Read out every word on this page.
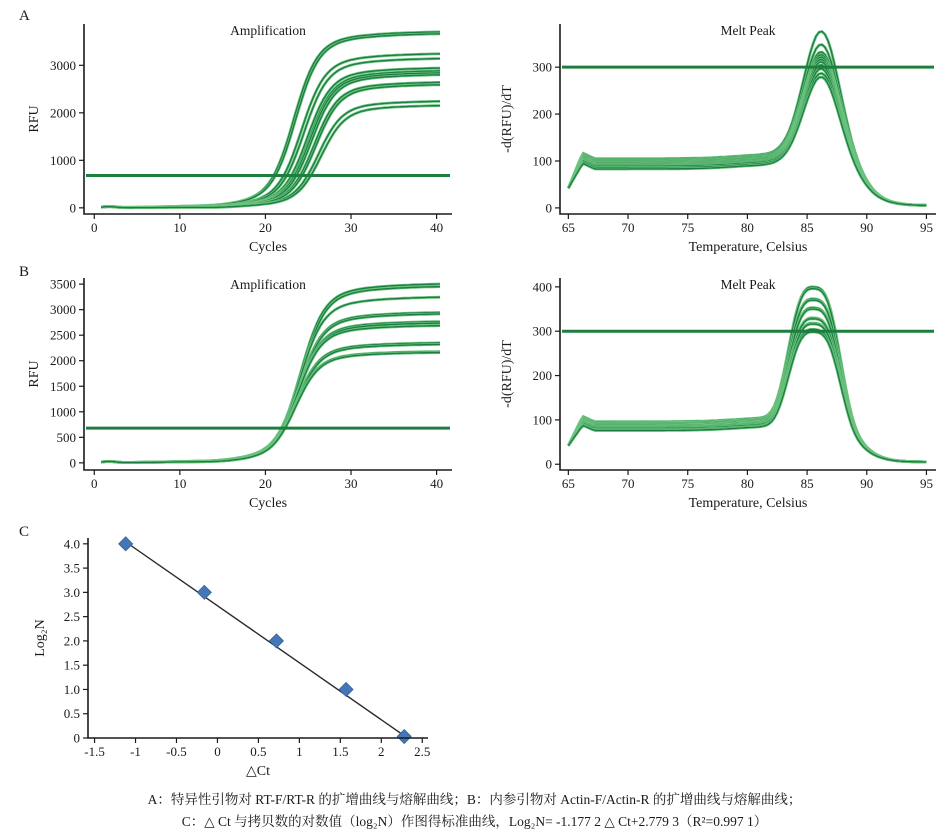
A
B
C
0	10	20	30	40
0
1000
2000
3000
Amplification
Cycles
RFU
65	70	75	80	85	90	95
0
100
200
300
Melt Peak
Temperature, Celsius
-d(RFU)/dT
0	10	20	30	40
0
500
1000
1500
2000
2500
3000
3500	Amplification
Cycles
RFU
65	70	75	80	85	90	95
0
100
200
300
400	Melt Peak
Temperature, Celsius
-d(RFU)/dT
-1.5 -1 -0.5 0 0.5 1 1.5 2 2.5
0
0.5
1.0
1.5
2.0
2.5
3.0
3.5
4.0
△Ct
Log₂N
A：特异性引物对 RT-F/RT-R 的扩增曲线与熔解曲线；B：内参引物对 Actin-F/Actin-R 的扩增曲线与熔解曲线；
C：△ Ct 与拷贝数的对数值（log₂N）作图得标准曲线，Log₂N= -1.177 2 △ Ct+2.779 3（R²=0.997 1）
